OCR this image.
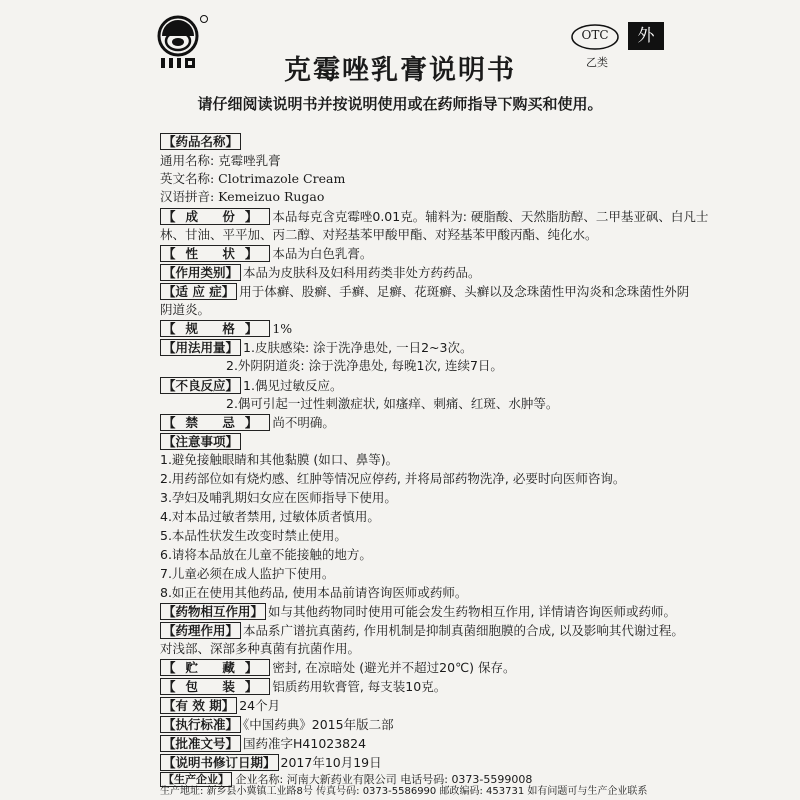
OTC
乙类
外
克霉唑乳膏说明书
请仔细阅读说明书并按说明使用或在药师指导下购买和使用。
【药品名称】
通用名称: 克霉唑乳膏
英文名称: Clotrimazole Cream
汉语拼音: Kemeizuo Rugao
【成 份】 本品每克含克霉唑0.01克。辅料为: 硬脂酸、天然脂肪醇、二甲基亚砜、白凡士
林、甘油、平平加、丙二醇、对羟基苯甲酸甲酯、对羟基苯甲酸丙酯、纯化水。
【性 状】 本品为白色乳膏。
【作用类别】 本品为皮肤科及妇科用药类非处方药药品。
【适 应 症】 用于体癣、股癣、手癣、足癣、花斑癣、头癣以及念珠菌性甲沟炎和念珠菌性外阴
阴道炎。
【规 格】 1%
【用法用量】 1.皮肤感染: 涂于洗净患处, 一日2~3次。
2.外阴阴道炎: 涂于洗净患处, 每晚1次, 连续7日。
【不良反应】 1.偶见过敏反应。
2.偶可引起一过性刺激症状, 如瘙痒、刺痛、红斑、水肿等。
【禁 忌】 尚不明确。
【注意事项】
1.避免接触眼睛和其他黏膜 (如口、鼻等)。
2.用药部位如有烧灼感、红肿等情况应停药, 并将局部药物洗净, 必要时向医师咨询。
3.孕妇及哺乳期妇女应在医师指导下使用。
4.对本品过敏者禁用, 过敏体质者慎用。
5.本品性状发生改变时禁止使用。
6.请将本品放在儿童不能接触的地方。
7.儿童必须在成人监护下使用。
8.如正在使用其他药品, 使用本品前请咨询医师或药师。
【药物相互作用】 如与其他药物同时使用可能会发生药物相互作用, 详情请咨询医师或药师。
【药理作用】 本品系广谱抗真菌药, 作用机制是抑制真菌细胞膜的合成, 以及影响其代谢过程。
对浅部、深部多种真菌有抗菌作用。
【贮 藏】 密封, 在凉暗处 (避光并不超过20℃) 保存。
【包 装】 铝质药用软膏管, 每支装10克。
【有 效 期】 24个月
【执行标准】 《中国药典》2015年版二部
【批准文号】 国药准字H41023824
【说明书修订日期】 2017年10月19日
【生产企业】 企业名称: 河南大新药业有限公司 电话号码: 0373-5599008
生产地址: 新乡县小冀镇工业路8号 传真号码: 0373-5586990 邮政编码: 453731 如有问题可与生产企业联系
